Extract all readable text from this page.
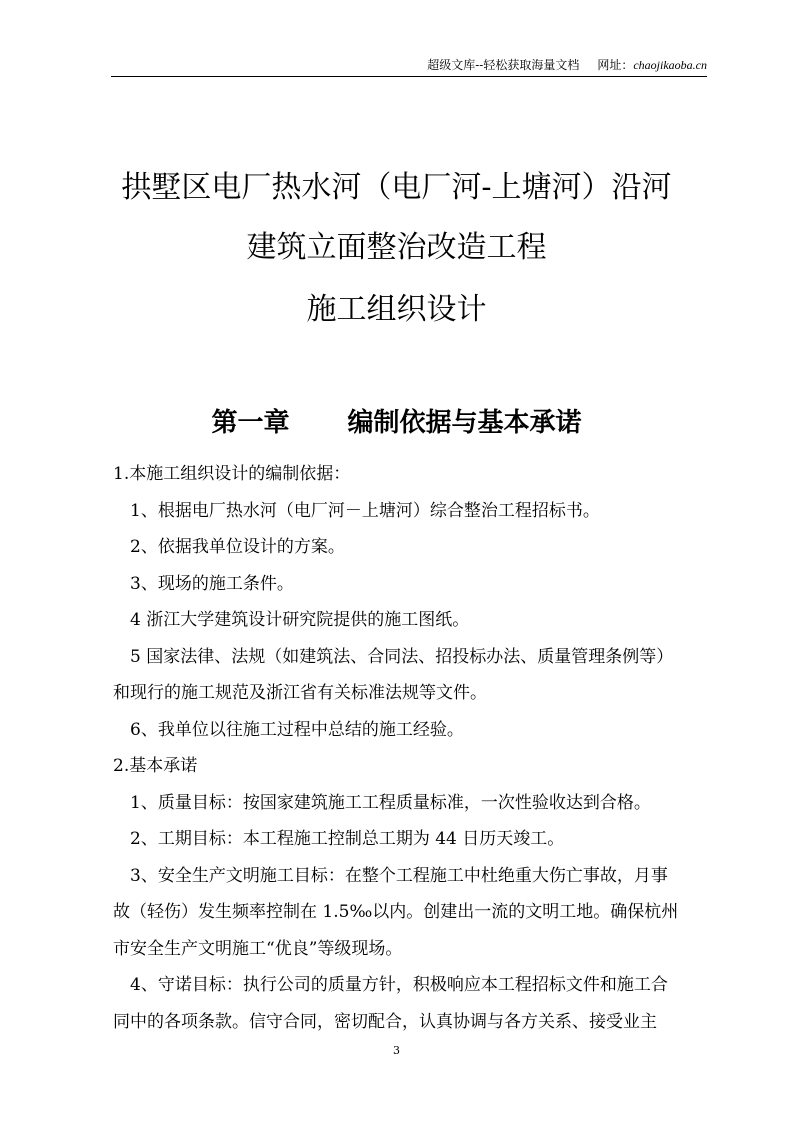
超级文库--轻松获取海量文档 网址：chaojikaoba.cn
拱墅区电厂热水河（电厂河-上塘河）沿河
建筑立面整治改造工程
施工组织设计
第一章 编制依据与基本承诺

1.本施工组织设计的编制依据：

1、根据电厂热水河（电厂河－上塘河）综合整治工程招标书。

2、依据我单位设计的方案。

3、现场的施工条件。

4 浙江大学建筑设计研究院提供的施工图纸。

5 国家法律、法规（如建筑法、合同法、招投标办法、质量管理条例等）

和现行的施工规范及浙江省有关标准法规等文件。

6、我单位以往施工过程中总结的施工经验。

2.基本承诺

1、质量目标：按国家建筑施工工程质量标准，一次性验收达到合格。

2、工期目标：本工程施工控制总工期为 44 日历天竣工。

3、安全生产文明施工目标：在整个工程施工中杜绝重大伤亡事故，月事

故（轻伤）发生频率控制在 1.5‰以内。创建出一流的文明工地。确保杭州

市安全生产文明施工“优良”等级现场。

4、守诺目标：执行公司的质量方针，积极响应本工程招标文件和施工合

同中的各项条款。信守合同，密切配合，认真协调与各方关系、接受业主

3
